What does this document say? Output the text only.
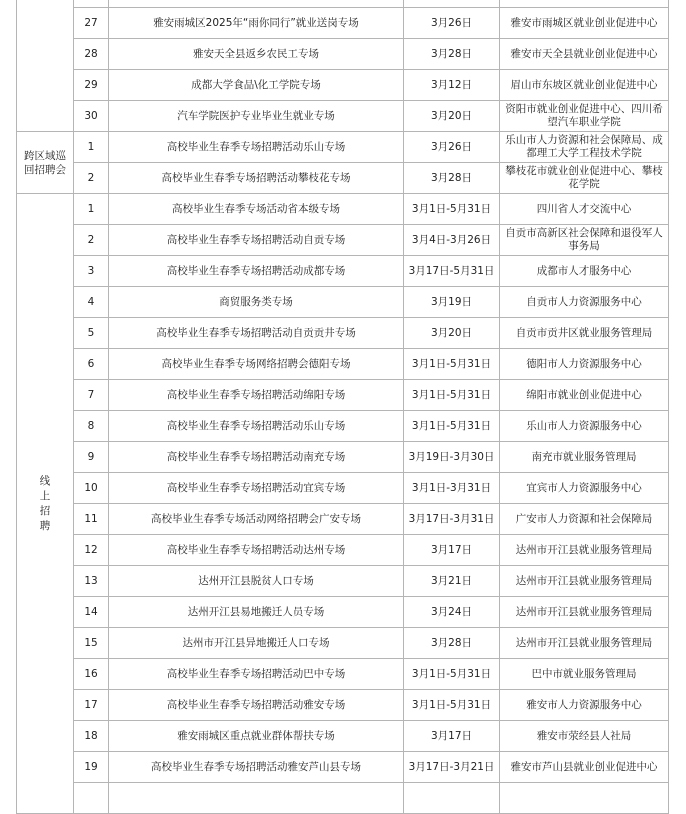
	27	雅安雨城区2025年“雨你同行”就业送岗专场	3月26日	雅安市雨城区就业创业促进中心
	28	雅安天全县返乡农民工专场	3月28日	雅安市天全县就业创业促进中心
	29	成都大学食品\化工学院专场	3月12日	眉山市东坡区就业创业促进中心
	30	汽车学院医护专业毕业生就业专场	3月20日	资阳市就业创业促进中心、四川希望汽车职业学院
跨区域巡回招聘会	1	高校毕业生春季专场招聘活动乐山专场	3月26日	乐山市人力资源和社会保障局、成都理工大学工程技术学院
	2	高校毕业生春季专场招聘活动攀枝花专场	3月28日	攀枝花市就业创业促进中心、攀枝花学院

线上招聘	1	高校毕业生春季专场活动省本级专场	3月1日-5月31日	四川省人才交流中心
	2	高校毕业生春季专场招聘活动自贡专场	3月4日-3月26日	自贡市高新区社会保障和退役军人事务局
	3	高校毕业生春季专场招聘活动成都专场	3月17日-5月31日	成都市人才服务中心
	4	商贸服务类专场	3月19日	自贡市人力资源服务中心
	5	高校毕业生春季专场招聘活动自贡贡井专场	3月20日	自贡市贡井区就业服务管理局
	6	高校毕业生春季专场网络招聘会德阳专场	3月1日-5月31日	德阳市人力资源服务中心
	7	高校毕业生春季专场招聘活动绵阳专场	3月1日-5月31日	绵阳市就业创业促进中心
	8	高校毕业生春季专场招聘活动乐山专场	3月1日-5月31日	乐山市人力资源服务中心
	9	高校毕业生春季专场招聘活动南充专场	3月19日-3月30日	南充市就业服务管理局
	10	高校毕业生春季专场招聘活动宜宾专场	3月1日-3月31日	宜宾市人力资源服务中心
	11	高校毕业生春季专场活动网络招聘会广安专场	3月17日-3月31日	广安市人力资源和社会保障局
	12	高校毕业生春季专场招聘活动达州专场	3月17日	达州市开江县就业服务管理局
	13	达州开江县脱贫人口专场	3月21日	达州市开江县就业服务管理局
	14	达州开江县易地搬迁人员专场	3月24日	达州市开江县就业服务管理局
	15	达州市开江县异地搬迁人口专场	3月28日	达州市开江县就业服务管理局
	16	高校毕业生春季专场招聘活动巴中专场	3月1日-5月31日	巴中市就业服务管理局
	17	高校毕业生春季专场招聘活动雅安专场	3月1日-5月31日	雅安市人力资源服务中心
	18	雅安雨城区重点就业群体帮扶专场	3月17日	雅安市荥经县人社局
	19	高校毕业生春季专场招聘活动雅安芦山县专场	3月17日-3月21日	雅安市芦山县就业创业促进中心
